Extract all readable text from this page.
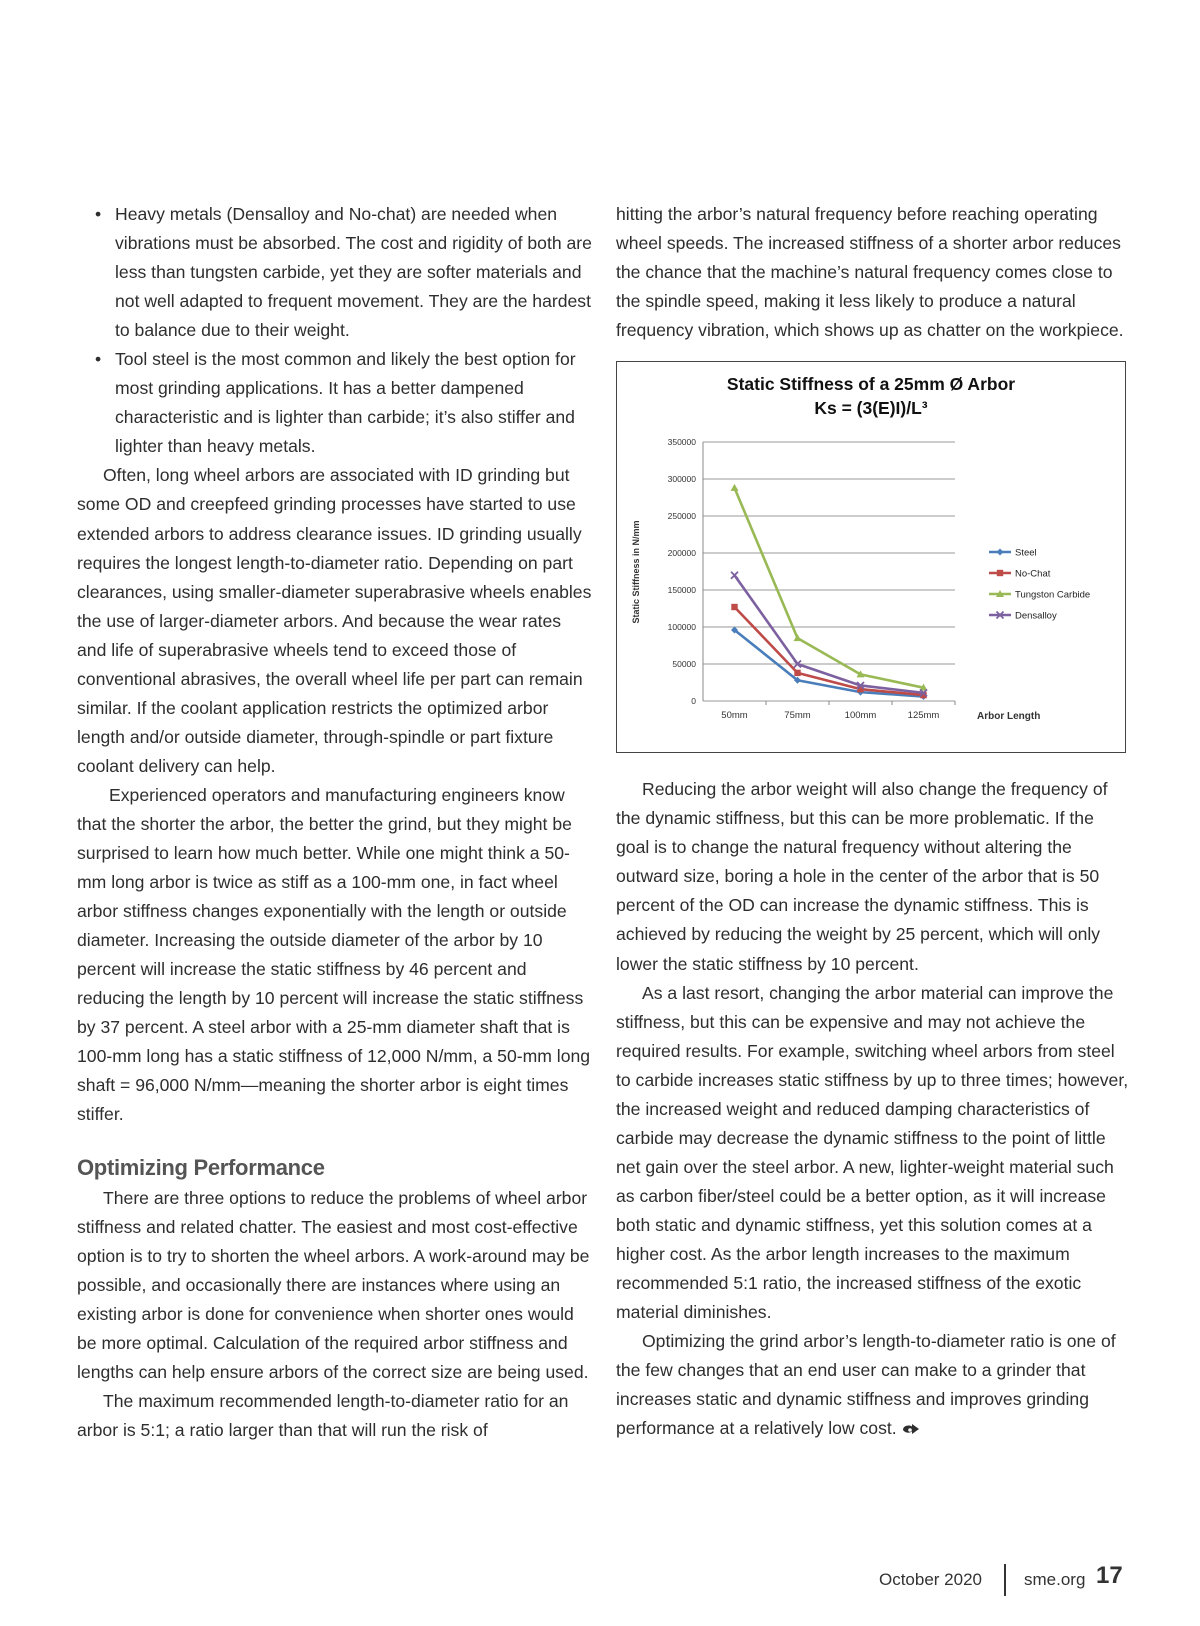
• Heavy metals (Densalloy and No-chat) are needed when vibrations must be absorbed. The cost and rigidity of both are less than tungsten carbide, yet they are softer materials and not well adapted to frequent movement. They are the hardest to balance due to their weight.

• Tool steel is the most common and likely the best option for most grinding applications. It has a better dampened characteristic and is lighter than carbide; it’s also stiffer and lighter than heavy metals.

Often, long wheel arbors are associated with ID grinding but some OD and creepfeed grinding processes have started to use extended arbors to address clearance issues. ID grinding usually requires the longest length-to-diameter ratio. Depending on part clearances, using smaller-diameter superabrasive wheels enables the use of larger-diameter arbors. And because the wear rates and life of superabrasive wheels tend to exceed those of conventional abrasives, the overall wheel life per part can remain similar. If the coolant application restricts the optimized arbor length and/or outside diameter, through-spindle or part fixture coolant delivery can help.

Experienced operators and manufacturing engineers know that the shorter the arbor, the better the grind, but they might be surprised to learn how much better. While one might think a 50-mm long arbor is twice as stiff as a 100-mm one, in fact wheel arbor stiffness changes exponentially with the length or outside diameter. Increasing the outside diameter of the arbor by 10 percent will increase the static stiffness by 46 percent and reducing the length by 10 percent will increase the static stiffness by 37 percent. A steel arbor with a 25-mm diameter shaft that is 100-mm long has a static stiffness of 12,000 N/mm, a 50-mm long shaft = 96,000 N/mm—meaning the shorter arbor is eight times stiffer.

Optimizing Performance

There are three options to reduce the problems of wheel arbor stiffness and related chatter. The easiest and most cost-effective option is to try to shorten the wheel arbors. A work-around may be possible, and occasionally there are instances where using an existing arbor is done for convenience when shorter ones would be more optimal. Calculation of the required arbor stiffness and lengths can help ensure arbors of the correct size are being used.

The maximum recommended length-to-diameter ratio for an arbor is 5:1; a ratio larger than that will run the risk of

hitting the arbor’s natural frequency before reaching operating wheel speeds. The increased stiffness of a shorter arbor reduces the chance that the machine’s natural frequency comes close to the spindle speed, making it less likely to produce a natural frequency vibration, which shows up as chatter on the workpiece.

Static Stiffness of a 25mm Ø Arbor
Ks = (3(E)I)/L³
Static Stiffness in N/mm
Arbor Length
0
50000
100000
150000
200000
250000
300000
350000
50mm	75mm	100mm	125mm
Steel
No-Chat
Tungston Carbide
Densalloy

Reducing the arbor weight will also change the frequency of the dynamic stiffness, but this can be more problematic. If the goal is to change the natural frequency without altering the outward size, boring a hole in the center of the arbor that is 50 percent of the OD can increase the dynamic stiffness. This is achieved by reducing the weight by 25 percent, which will only lower the static stiffness by 10 percent.

As a last resort, changing the arbor material can improve the stiffness, but this can be expensive and may not achieve the required results. For example, switching wheel arbors from steel to carbide increases static stiffness by up to three times; however, the increased weight and reduced damping characteristics of carbide may decrease the dynamic stiffness to the point of little net gain over the steel arbor. A new, lighter-weight material such as carbon fiber/steel could be a better option, as it will increase both static and dynamic stiffness, yet this solution comes at a higher cost. As the arbor length increases to the maximum recommended 5:1 ratio, the increased stiffness of the exotic material diminishes.

Optimizing the grind arbor’s length-to-diameter ratio is one of the few changes that an end user can make to a grinder that increases static and dynamic stiffness and improves grinding performance at a relatively low cost.

October 2020 sme.org 17
